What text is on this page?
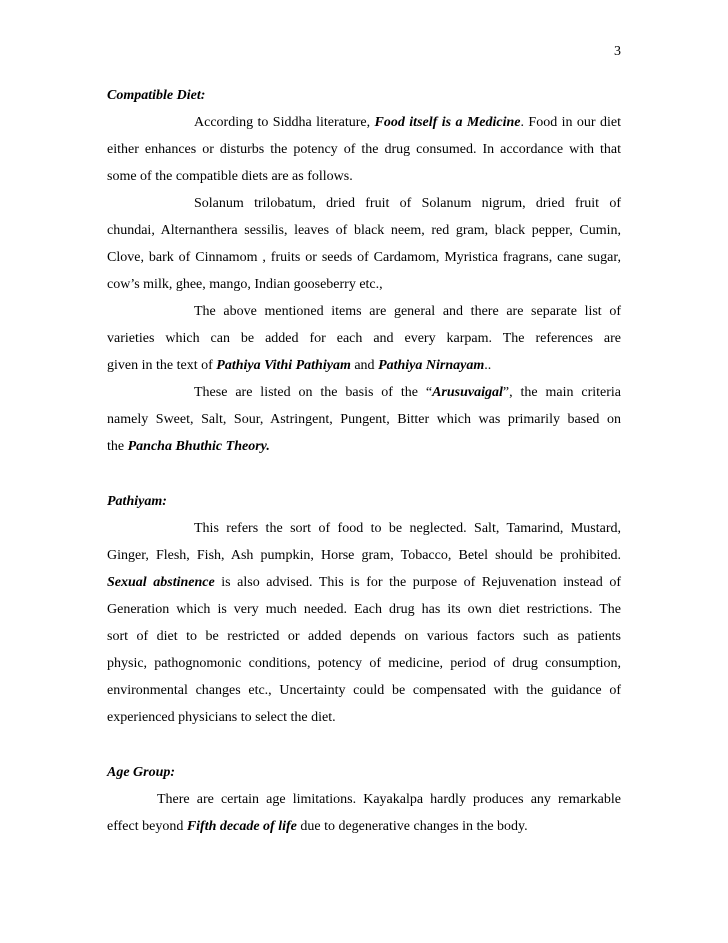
3
Compatible Diet:
According to Siddha literature, Food itself is a Medicine. Food in our diet
either enhances or disturbs the potency of the drug consumed. In accordance with that
some of the compatible diets are as follows.
Solanum trilobatum, dried fruit of Solanum nigrum, dried fruit of
chundai, Alternanthera sessilis, leaves of black neem, red gram, black pepper, Cumin,
Clove, bark of Cinnamom , fruits or seeds of Cardamom, Myristica fragrans, cane sugar,
cow’s milk, ghee, mango, Indian gooseberry etc.,
The above mentioned items are general and there are separate list of
varieties which can be added for each and every karpam. The references are
given in the text of Pathiya Vithi Pathiyam and Pathiya Nirnayam..
These are listed on the basis of the “Arusuvaigal”, the main criteria
namely Sweet, Salt, Sour, Astringent, Pungent, Bitter which was primarily based on
the Pancha Bhuthic Theory.
Pathiyam:
This refers the sort of food to be neglected. Salt, Tamarind, Mustard,
Ginger, Flesh, Fish, Ash pumpkin, Horse gram, Tobacco, Betel should be prohibited.
Sexual abstinence is also advised. This is for the purpose of Rejuvenation instead of
Generation which is very much needed. Each drug has its own diet restrictions. The
sort of diet to be restricted or added depends on various factors such as patients
physic, pathognomonic conditions, potency of medicine, period of drug consumption,
environmental changes etc., Uncertainty could be compensated with the guidance of
experienced physicians to select the diet.
Age Group:
There are certain age limitations. Kayakalpa hardly produces any remarkable
effect beyond Fifth decade of life due to degenerative changes in the body.
